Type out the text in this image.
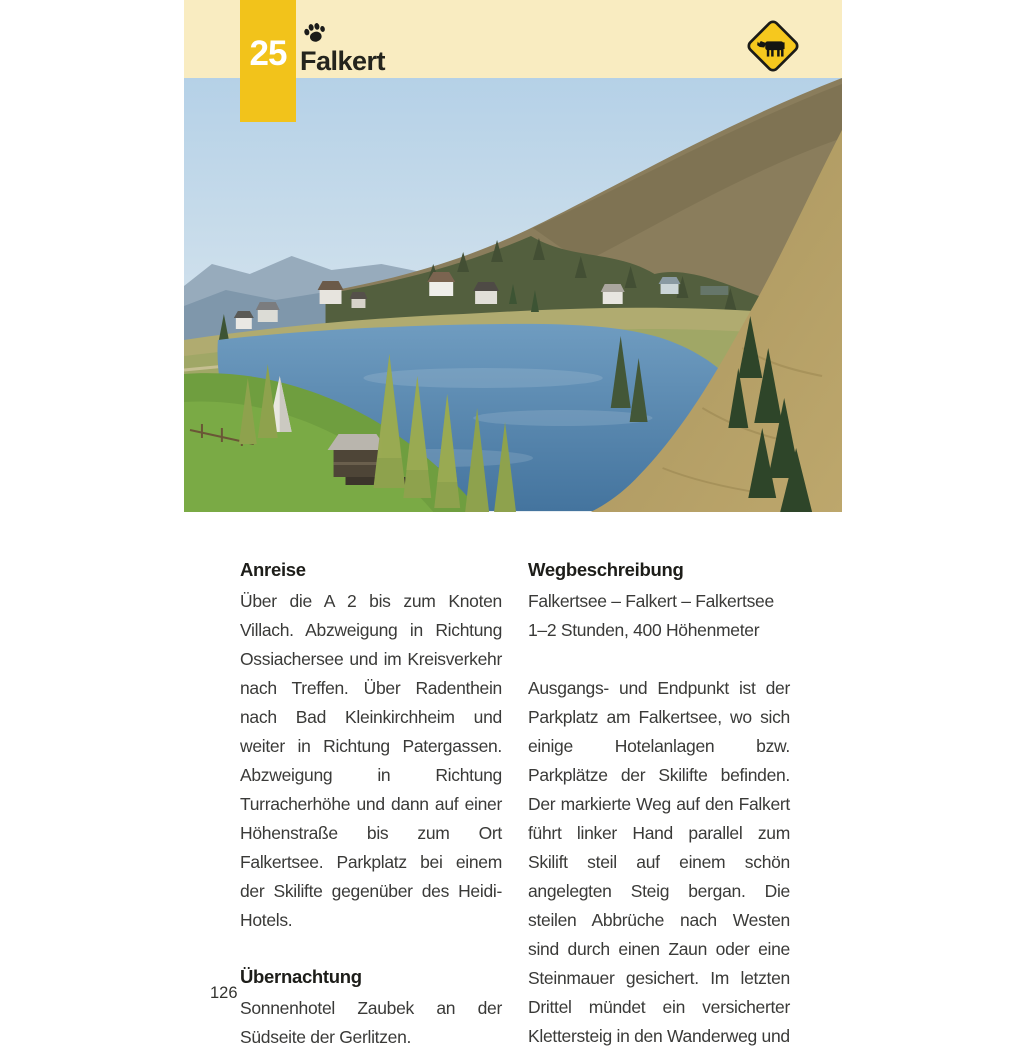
Falkert
25
Anreise
Über die A 2 bis zum Knoten Villach. Abzweigung in Richtung Ossiachersee und im Kreisverkehr nach Treffen. Über Radenthein nach Bad Kleinkirchheim und weiter in Richtung Patergassen. Abzweigung in Richtung Turracherhöhe und dann auf einer Höhenstraße bis zum Ort Falkertsee. Parkplatz bei einem der Skilifte gegenüber des Heidi-Hotels.
Übernachtung
Sonnenhotel Zaubek an der Südseite der Gerlitzen.
Wegbeschreibung
Falkertsee – Falkert – Falkertsee
1–2 Stunden, 400 Höhenmeter
Ausgangs- und Endpunkt ist der Parkplatz am Falkertsee, wo sich einige Hotelanlagen bzw. Parkplätze der Skilifte befinden. Der markierte Weg auf den Falkert führt linker Hand parallel zum Skilift steil auf einem schön angelegten Steig bergan. Die steilen Abbrüche nach Westen sind durch einen Zaun oder eine Steinmauer gesichert. Im letzten Drittel mündet ein versicherter Klettersteig in den Wanderweg und
126
